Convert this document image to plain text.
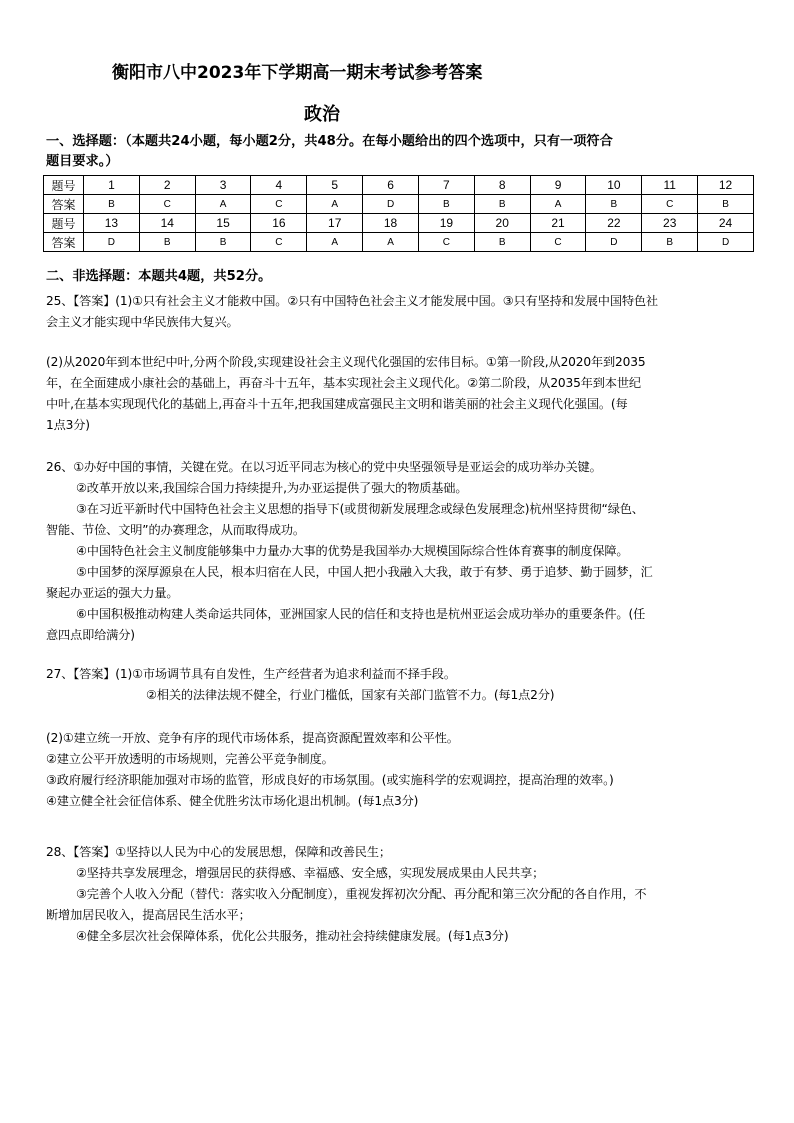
衡阳市八中2023年下学期高一期末考试参考答案
政治
一、选择题：（本题共24小题，每小题2分，共48分。在每小题给出的四个选项中，只有一项符合
题目要求。）
题号	1	2	3	4	5	6	7	8	9	10	11	12
答案	B	C	A	C	A	D	B	B	A	B	C	B
题号	13	14	15	16	17	18	19	20	21	22	23	24
答案	D	B	B	C	A	A	C	B	C	D	B	D
二、非选择题：本题共4题，共52分。
25、【答案】(1)①只有社会主义才能救中国。②只有中国特色社会主义才能发展中国。③只有坚持和发展中国特色社
会主义才能实现中华民族伟大复兴。
(2)从2020年到本世纪中叶,分两个阶段,实现建设社会主义现代化强国的宏伟目标。①第一阶段,从2020年到2035
年，在全面建成小康社会的基础上，再奋斗十五年，基本实现社会主义现代化。②第二阶段，从2035年到本世纪
中叶,在基本实现现代化的基础上,再奋斗十五年,把我国建成富强民主文明和谐美丽的社会主义现代化强国。(每
1点3分)
26、①办好中国的事情，关键在党。在以习近平同志为核心的党中央坚强领导是亚运会的成功举办关键。
②改革开放以来,我国综合国力持续提升,为办亚运提供了强大的物质基础。
③在习近平新时代中国特色社会主义思想的指导下(或贯彻新发展理念或绿色发展理念)杭州坚持贯彻“绿色、
智能、节俭、文明”的办赛理念，从而取得成功。
④中国特色社会主义制度能够集中力量办大事的优势是我国举办大规模国际综合性体育赛事的制度保障。
⑤中国梦的深厚源泉在人民，根本归宿在人民，中国人把小我融入大我，敢于有梦、勇于追梦、勤于圆梦，汇
聚起办亚运的强大力量。
⑥中国积极推动构建人类命运共同体，亚洲国家人民的信任和支持也是杭州亚运会成功举办的重要条件。(任
意四点即给满分)
27、【答案】(1)①市场调节具有自发性，生产经营者为追求利益而不择手段。
②相关的法律法规不健全，行业门槛低，国家有关部门监管不力。(每1点2分)
(2)①建立统一开放、竞争有序的现代市场体系，提高资源配置效率和公平性。
②建立公平开放透明的市场规则，完善公平竞争制度。
③政府履行经济职能加强对市场的监管，形成良好的市场氛围。(或实施科学的宏观调控，提高治理的效率。)
④建立健全社会征信体系、健全优胜劣汰市场化退出机制。(每1点3分)
28、【答案】①坚持以人民为中心的发展思想，保障和改善民生；
②坚持共享发展理念，增强居民的获得感、幸福感、安全感，实现发展成果由人民共享；
③完善个人收入分配（替代：落实收入分配制度），重视发挥初次分配、再分配和第三次分配的各自作用，不
断增加居民收入，提高居民生活水平；
④健全多层次社会保障体系，优化公共服务，推动社会持续健康发展。(每1点3分)
